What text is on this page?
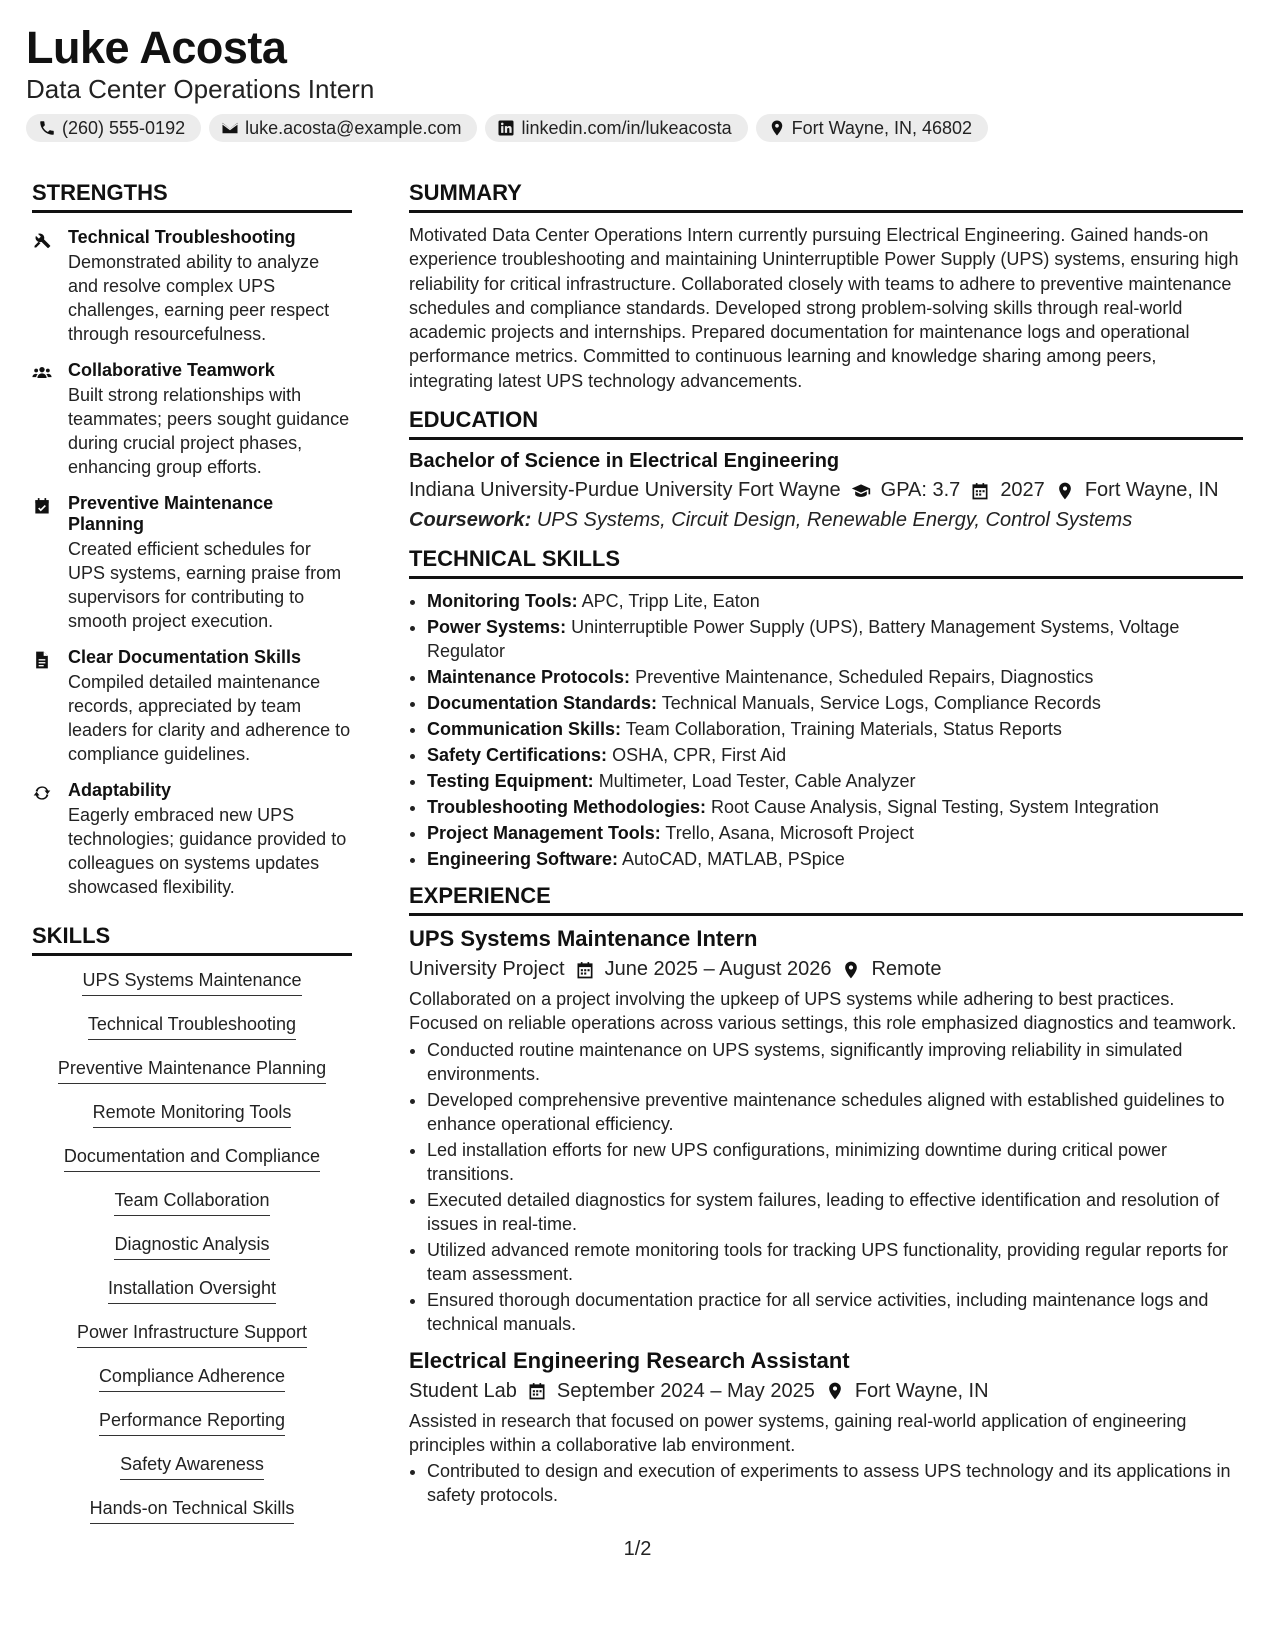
Luke Acosta
Data Center Operations Intern
(260) 555-0192	luke.acosta@example.com	linkedin.com/in/lukeacosta	Fort Wayne, IN, 46802
STRENGTHS
Technical Troubleshooting
Demonstrated ability to analyze and resolve complex UPS challenges, earning peer respect through resourcefulness.
Collaborative Teamwork
Built strong relationships with teammates; peers sought guidance during crucial project phases, enhancing group efforts.
Preventive Maintenance Planning
Created efficient schedules for UPS systems, earning praise from supervisors for contributing to smooth project execution.
Clear Documentation Skills
Compiled detailed maintenance records, appreciated by team leaders for clarity and adherence to compliance guidelines.
Adaptability
Eagerly embraced new UPS technologies; guidance provided to colleagues on systems updates showcased flexibility.
SKILLS
UPS Systems Maintenance
Technical Troubleshooting
Preventive Maintenance Planning
Remote Monitoring Tools
Documentation and Compliance
Team Collaboration
Diagnostic Analysis
Installation Oversight
Power Infrastructure Support
Compliance Adherence
Performance Reporting
Safety Awareness
Hands-on Technical Skills
SUMMARY

Motivated Data Center Operations Intern currently pursuing Electrical Engineering. Gained hands-on experience troubleshooting and maintaining Uninterruptible Power Supply (UPS) systems, ensuring high reliability for critical infrastructure. Collaborated closely with teams to adhere to preventive maintenance schedules and compliance standards. Developed strong problem-solving skills through real-world academic projects and internships. Prepared documentation for maintenance logs and operational performance metrics. Committed to continuous learning and knowledge sharing among peers, integrating latest UPS technology advancements.

EDUCATION
Bachelor of Science in Electrical Engineering
Indiana University-Purdue University Fort Wayne GPA: 3.7 2027 Fort Wayne, IN
Coursework: UPS Systems, Circuit Design, Renewable Energy, Control Systems
TECHNICAL SKILLS
• Monitoring Tools: APC, Tripp Lite, Eaton
• Power Systems: Uninterruptible Power Supply (UPS), Battery Management Systems, Voltage Regulator
• Maintenance Protocols: Preventive Maintenance, Scheduled Repairs, Diagnostics
• Documentation Standards: Technical Manuals, Service Logs, Compliance Records
• Communication Skills: Team Collaboration, Training Materials, Status Reports
• Safety Certifications: OSHA, CPR, First Aid
• Testing Equipment: Multimeter, Load Tester, Cable Analyzer
• Troubleshooting Methodologies: Root Cause Analysis, Signal Testing, System Integration
• Project Management Tools: Trello, Asana, Microsoft Project
• Engineering Software: AutoCAD, MATLAB, PSpice
EXPERIENCE
UPS Systems Maintenance Intern
University Project June 2025 – August 2026 Remote
Collaborated on a project involving the upkeep of UPS systems while adhering to best practices. Focused on reliable operations across various settings, this role emphasized diagnostics and teamwork.
• Conducted routine maintenance on UPS systems, significantly improving reliability in simulated environments.
• Developed comprehensive preventive maintenance schedules aligned with established guidelines to enhance operational efficiency.
• Led installation efforts for new UPS configurations, minimizing downtime during critical power transitions.
• Executed detailed diagnostics for system failures, leading to effective identification and resolution of issues in real-time.
• Utilized advanced remote monitoring tools for tracking UPS functionality, providing regular reports for team assessment.
• Ensured thorough documentation practice for all service activities, including maintenance logs and technical manuals.
Electrical Engineering Research Assistant
Student Lab September 2024 – May 2025 Fort Wayne, IN
Assisted in research that focused on power systems, gaining real-world application of engineering principles within a collaborative lab environment.
• Contributed to design and execution of experiments to assess UPS technology and its applications in safety protocols.
1/2
